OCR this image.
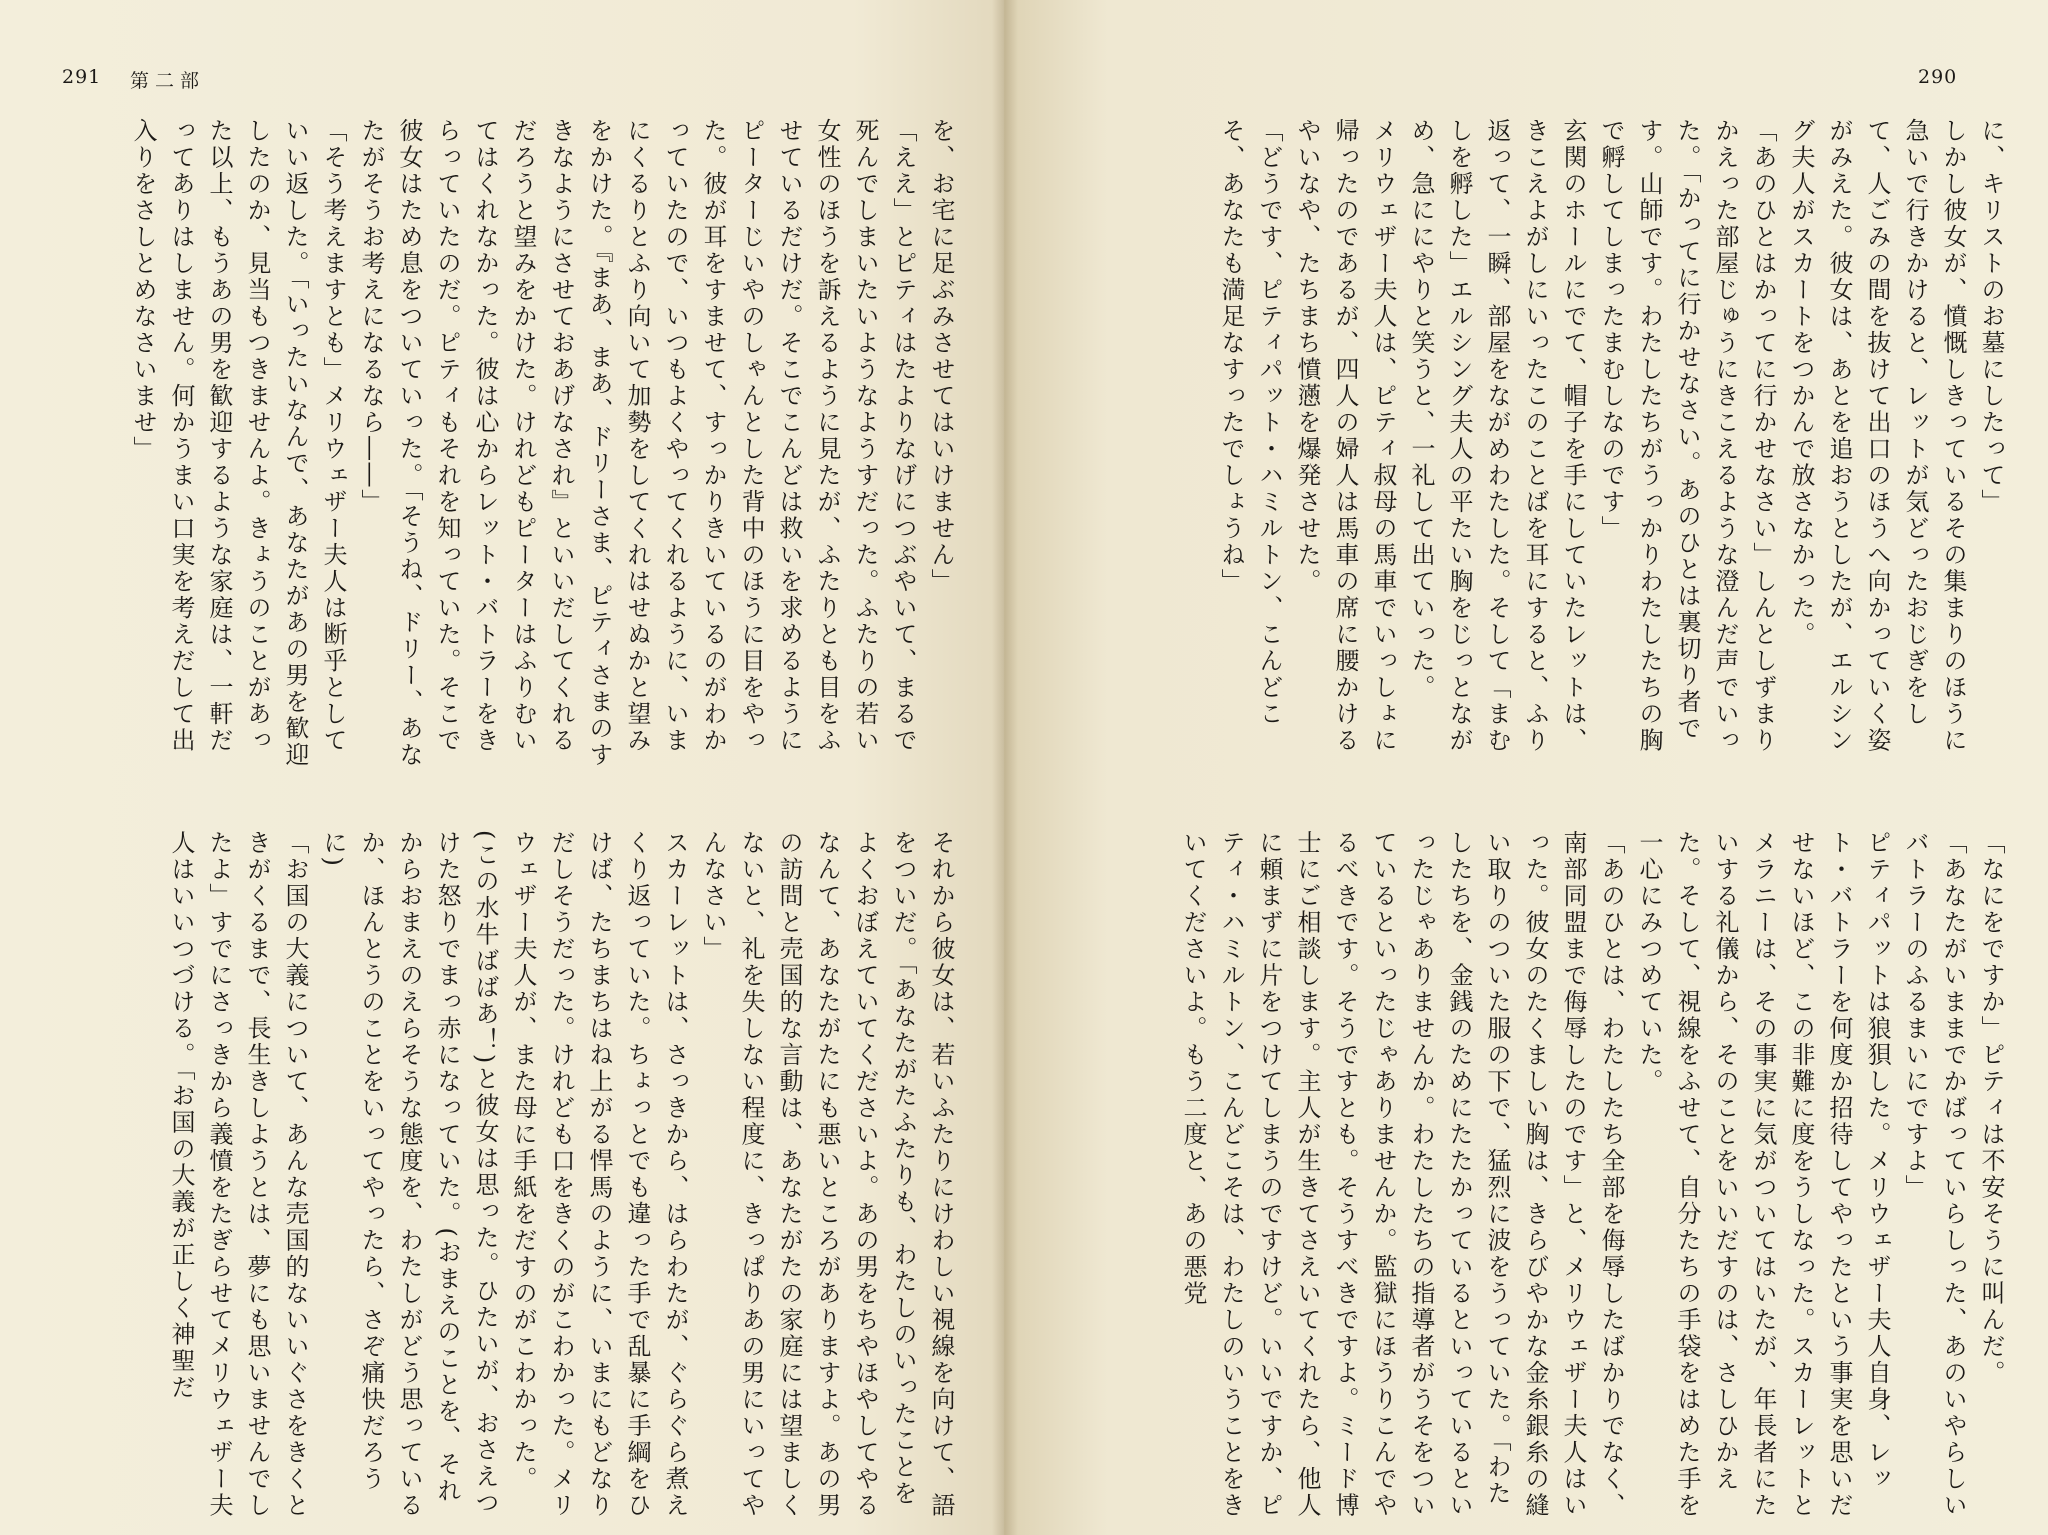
291 第二部

を、お宅に足ぶみさせてはいけません」

「ええ」とピティはたよりなげにつぶやいて、まるで死んでしまいたいようなようすだった。ふたりの若い女性のほうを訴えるように見たが、ふたりとも目をふせているだけだ。そこでこんどは救いを求めるようにピーターじいやのしゃんとした背中のほうに目をやった。彼が耳をすませて、すっかりきいているのがわかっていたので、いつもよくやってくれるように、いまにくるりとふり向いて加勢をしてくれはせぬかと望みをかけた。『まあ、まあ、ドリーさま、ピティさまのすきなようにさせておあげなされ』といいだしてくれるだろうと望みをかけた。けれどもピーターはふりむいてはくれなかった。彼は心からレット・バトラーをきらっていたのだ。ピティもそれを知っていた。そこで彼女はため息をついていった。「そうね、ドリー、あなたがそうお考えになるなら――」

「そう考えますとも」メリウェザー夫人は断乎としていい返した。「いったいなんで、あなたがあの男を歓迎したのか、見当もつきませんよ。きょうのことがあった以上、もうあの男を歓迎するような家庭は、一軒だってありはしません。何かうまい口実を考えだして出入りをさしとめなさいませ」

それから彼女は、若いふたりにけわしい視線を向けて、語をついだ。「あなたがたふたりも、わたしのいったことをよくおぼえていてくださいよ。あの男をちやほやしてやるなんて、あなたがたにも悪いところがありますよ。あの男の訪問と売国的な言動は、あなたがたの家庭には望ましくないと、礼を失しない程度に、きっぱりあの男にいってやんなさい」

スカーレットは、さっきから、はらわたが、ぐらぐら煮えくり返っていた。ちょっとでも違った手で乱暴に手綱をひけば、たちまちはね上がる悍馬のように、いまにもどなりだしそうだった。けれども口をきくのがこわかった。メリウェザー夫人が、また母に手紙をだすのがこわかった。

(この水牛ばばあ！)と彼女は思った。ひたいが、おさえつけた怒りでまっ赤になっていた。(おまえのことを、それからおまえのえらそうな態度を、わたしがどう思っているか、ほんとうのことをいってやったら、さぞ痛快だろうに)

「お国の大義について、あんな売国的ないいぐさをきくときがくるまで、長生きしようとは、夢にも思いませんでしたよ」すでにさっきから義憤をたぎらせてメリウェザー夫人はいいつづける。「お国の大義が正しく神聖だ

290

に、キリストのお墓にしたって」

しかし彼女が、憤慨しきっているその集まりのほうに急いで行きかけると、レットが気どったおじぎをして、人ごみの間を抜けて出口のほうへ向かっていく姿がみえた。彼女は、あとを追おうとしたが、エルシング夫人がスカートをつかんで放さなかった。

「あのひとはかってに行かせなさい」しんとしずまりかえった部屋じゅうにきこえるような澄んだ声でいった。「かってに行かせなさい。あのひとは裏切り者です。山師です。わたしたちがうっかりわたしたちの胸で孵してしまったまむしなのです」

玄関のホールにでて、帽子を手にしていたレットは、きこえよがしにいったこのことばを耳にすると、ふり返って、一瞬、部屋をながめわたした。そして「まむしを孵した」エルシング夫人の平たい胸をじっとながめ、急ににやりと笑うと、一礼して出ていった。

メリウェザー夫人は、ピティ叔母の馬車でいっしょに帰ったのであるが、四人の婦人は馬車の席に腰かけるやいなや、たちまち憤懣を爆発させた。

「どうです、ピティパット・ハミルトン、こんどこそ、あなたも満足なすったでしょうね」

「なにをですか」ピティは不安そうに叫んだ。

「あなたがいままでかばっていらしった、あのいやらしいバトラーのふるまいにですよ」

ピティパットは狼狽した。メリウェザー夫人自身、レット・バトラーを何度か招待してやったという事実を思いだせないほど、この非難に度をうしなった。スカーレットとメラニーは、その事実に気がついてはいたが、年長者にたいする礼儀から、そのことをいいだすのは、さしひかえた。そして、視線をふせて、自分たちの手袋をはめた手を一心にみつめていた。

「あのひとは、わたしたち全部を侮辱したばかりでなく、南部同盟まで侮辱したのです」と、メリウェザー夫人はいった。彼女のたくましい胸は、きらびやかな金糸銀糸の縫い取りのついた服の下で、猛烈に波をうっていた。「わたしたちを、金銭のためにたたかっているといっているといったじゃありませんか。わたしたちの指導者がうそをついているといったじゃありませんか。監獄にほうりこんでやるべきです。そうですとも。そうすべきですよ。ミード博士にご相談します。主人が生きてさえいてくれたら、他人に頼まずに片をつけてしまうのですけど。いいですか、ピティ・ハミルトン、こんどこそは、わたしのいうことをきいてくださいよ。もう二度と、あの悪党
